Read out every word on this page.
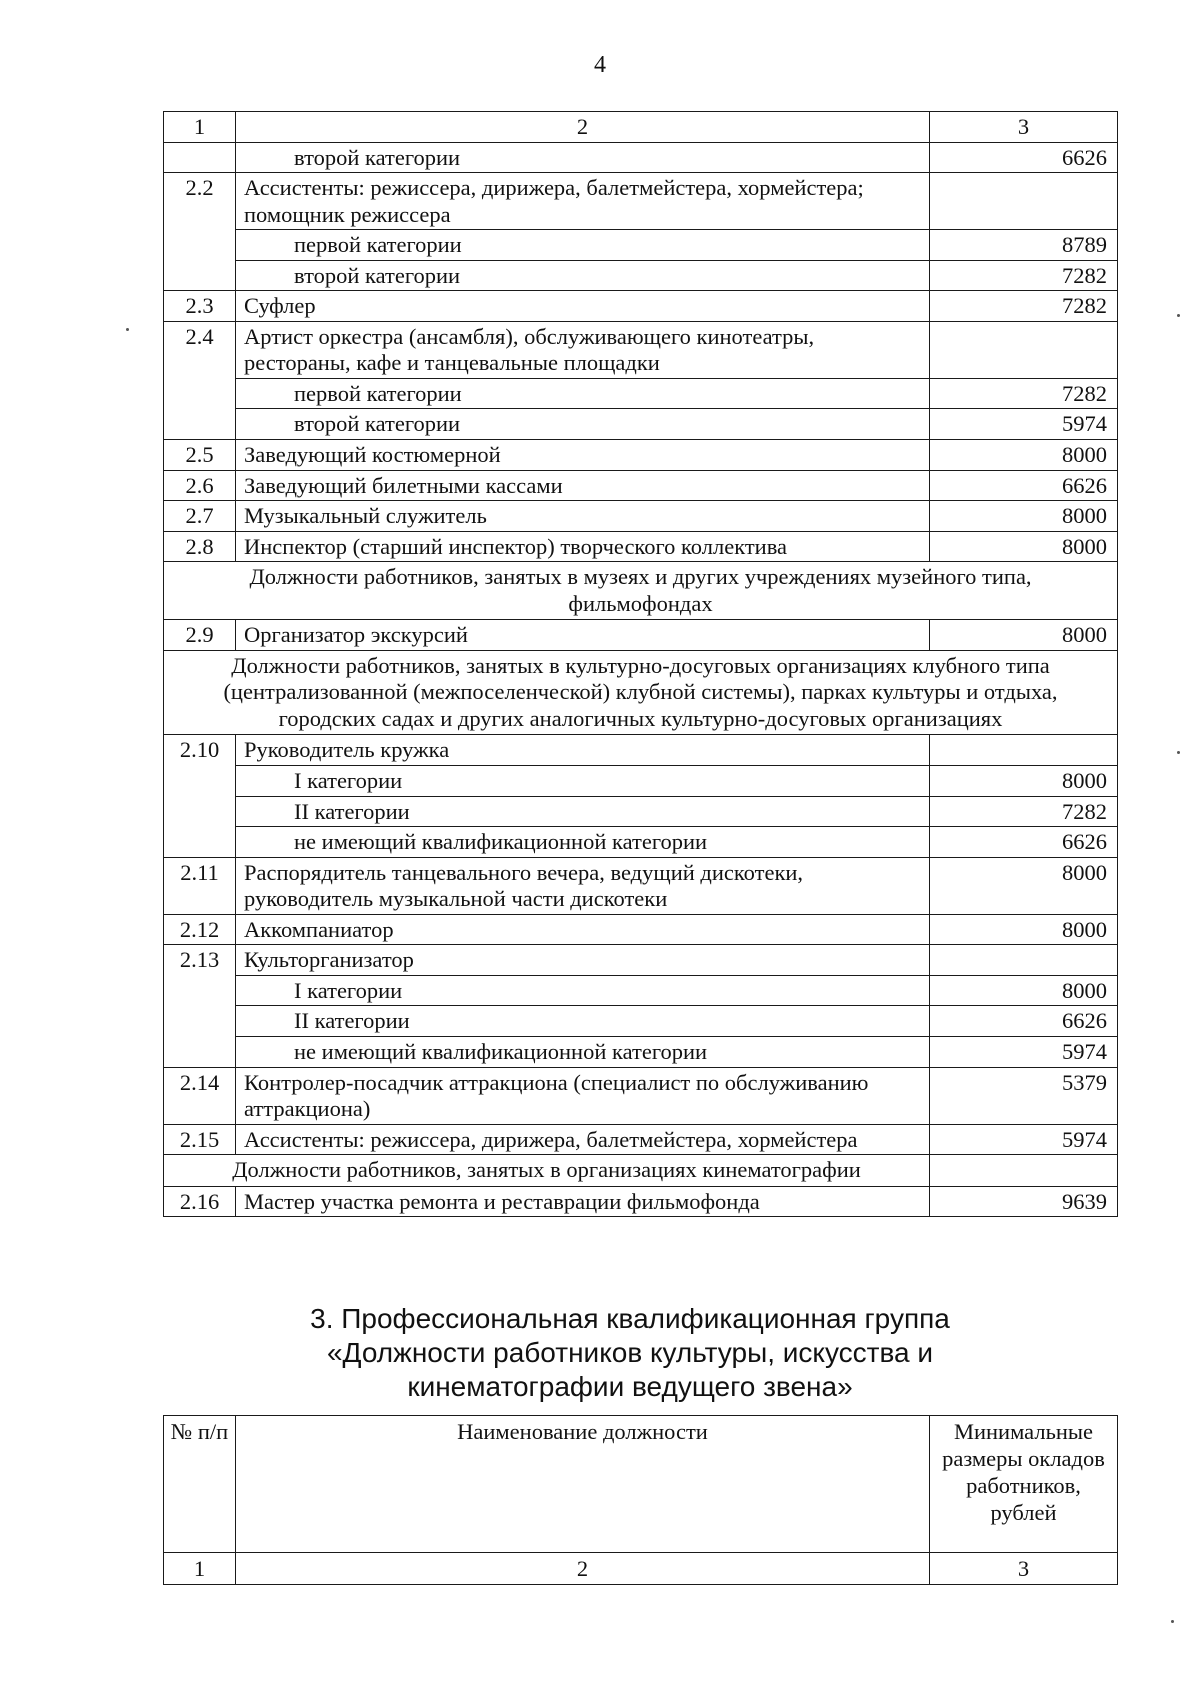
4
1	2	3
	второй категории	6626
2.2	Ассистенты: режиссера, дирижера, балетмейстера, хормейстера; помощник режиссера	
	первой категории	8789
	второй категории	7282
2.3	Суфлер	7282
2.4	Артист оркестра (ансамбля), обслуживающего кинотеатры, рестораны, кафе и танцевальные площадки	
	первой категории	7282
	второй категории	5974
2.5	Заведующий костюмерной	8000
2.6	Заведующий билетными кассами	6626
2.7	Музыкальный служитель	8000
2.8	Инспектор (старший инспектор) творческого коллектива	8000
Должности работников, занятых в музеях и других учреждениях музейного типа, фильмофондах		
2.9	Организатор экскурсий	8000
Должности работников, занятых в культурно-досуговых организациях клубного типа (централизованной (межпоселенческой) клубной системы), парках культуры и отдыха, городских садах и других аналогичных культурно-досуговых организациях		
2.10	Руководитель кружка	
	I категории	8000
	II категории	7282
	не имеющий квалификационной категории	6626
2.11	Распорядитель танцевального вечера, ведущий дискотеки, руководитель музыкальной части дискотеки	8000
2.12	Аккомпаниатор	8000
2.13	Культорганизатор	
	I категории	8000
	II категории	6626
	не имеющий квалификационной категории	5974
2.14	Контролер-посадчик аттракциона (специалист по обслуживанию аттракциона)	5379
2.15	Ассистенты: режиссера, дирижера, балетмейстера, хормейстера	5974
Должности работников, занятых в организациях кинематографии		
2.16	Мастер участка ремонта и реставрации фильмофонда	9639
3. Профессиональная квалификационная группа «Должности работников культуры, искусства и кинематографии ведущего звена»
№ п/п	Наименование должности	Минимальные размеры окладов работников, рублей
1	2	3
